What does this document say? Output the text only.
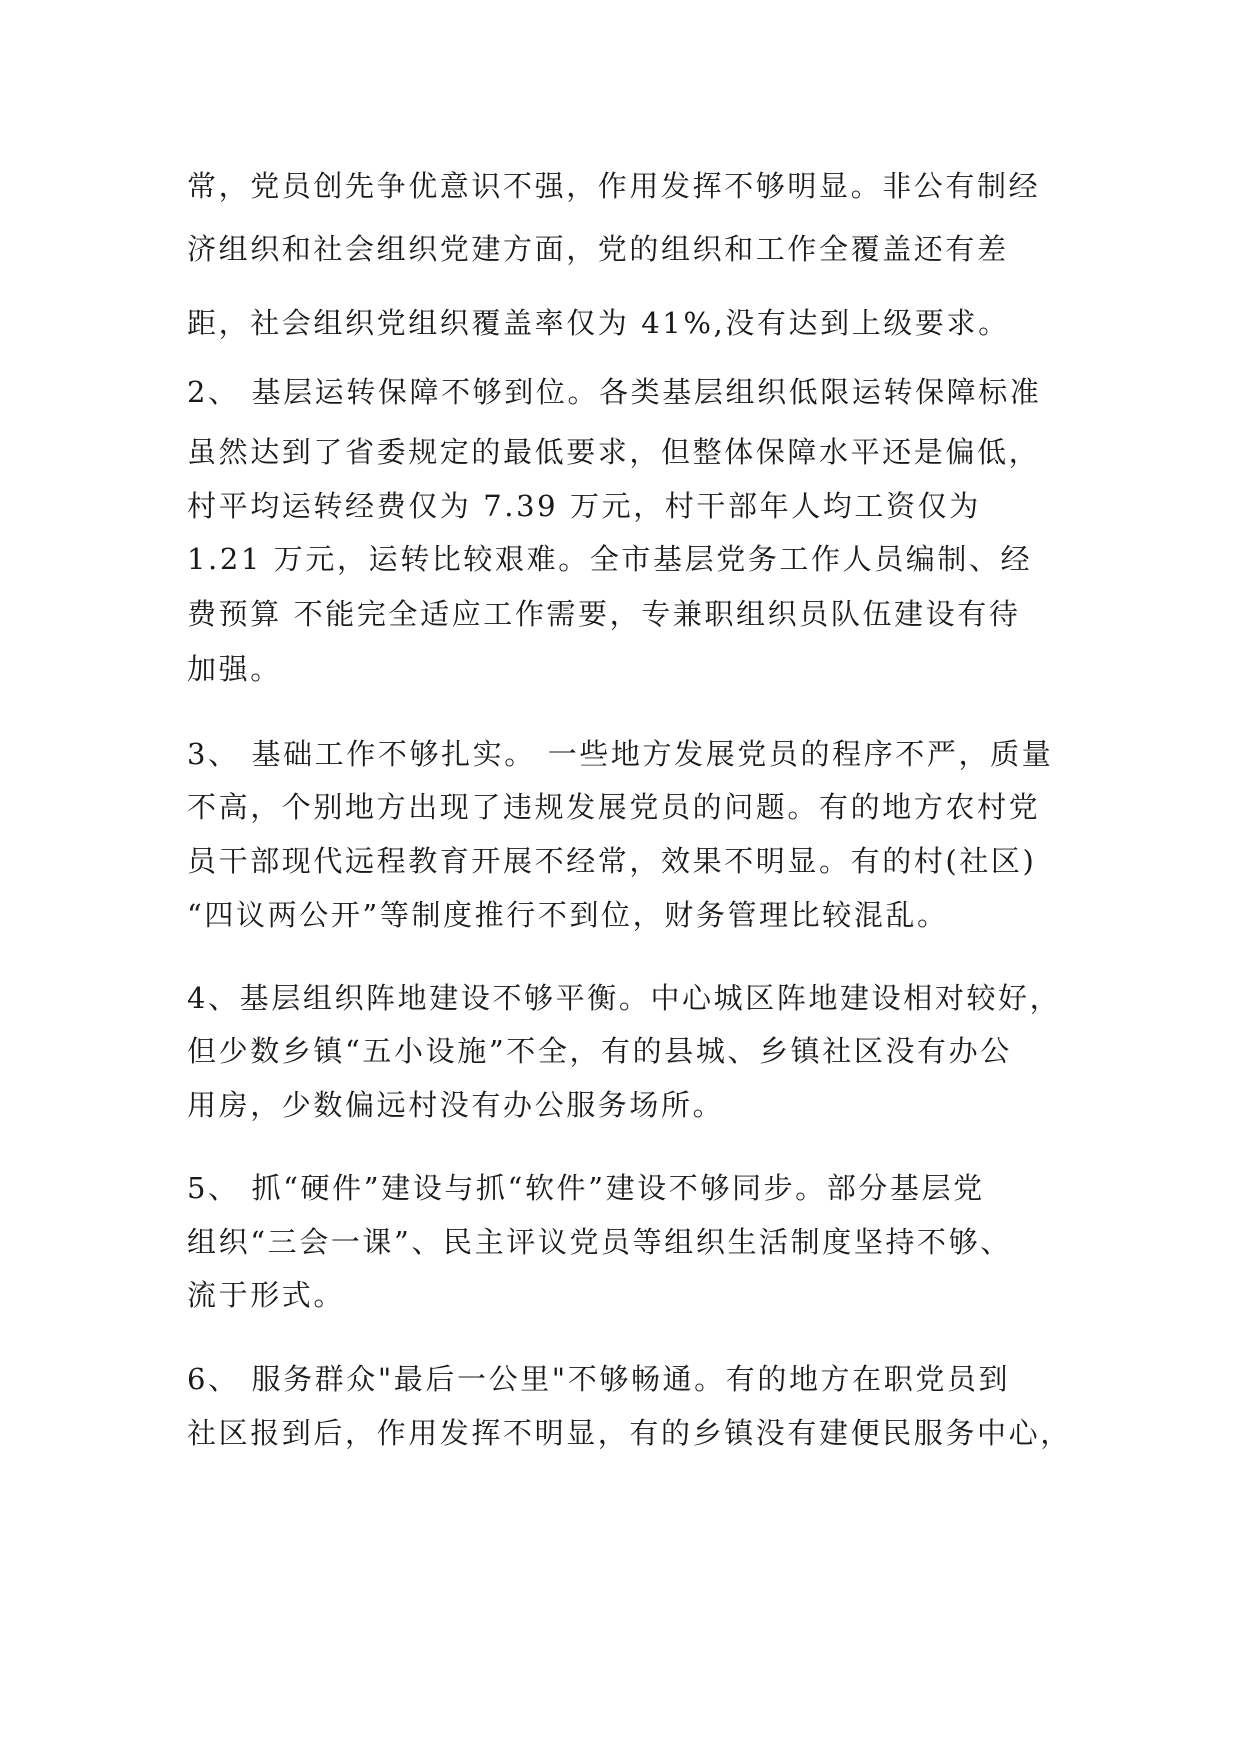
常，党员创先争优意识不强，作用发挥不够明显。非公有制经
济组织和社会组织党建方面，党的组织和工作全覆盖还有差
距，社会组织党组织覆盖率仅为 41%,没有达到上级要求。
2、 基层运转保障不够到位。各类基层组织低限运转保障标准
虽然达到了省委规定的最低要求，但整体保障水平还是偏低，
村平均运转经费仅为 7.39 万元，村干部年人均工资仅为
1.21 万元，运转比较艰难。全市基层党务工作人员编制、经
费预算 不能完全适应工作需要，专兼职组织员队伍建设有待
加强。
3、 基础工作不够扎实。 一些地方发展党员的程序不严，质量
不高，个别地方出现了违规发展党员的问题。有的地方农村党
员干部现代远程教育开展不经常，效果不明显。有的村(社区)
“四议两公开”等制度推行不到位，财务管理比较混乱。
4、基层组织阵地建设不够平衡。中心城区阵地建设相对较好，
但少数乡镇“五小设施”不全，有的县城、乡镇社区没有办公
用房，少数偏远村没有办公服务场所。
5、 抓“硬件”建设与抓“软件”建设不够同步。部分基层党
组织“三会一课”、民主评议党员等组织生活制度坚持不够、
流于形式。
6、 服务群众"最后一公里"不够畅通。有的地方在职党员到
社区报到后，作用发挥不明显，有的乡镇没有建便民服务中心，
